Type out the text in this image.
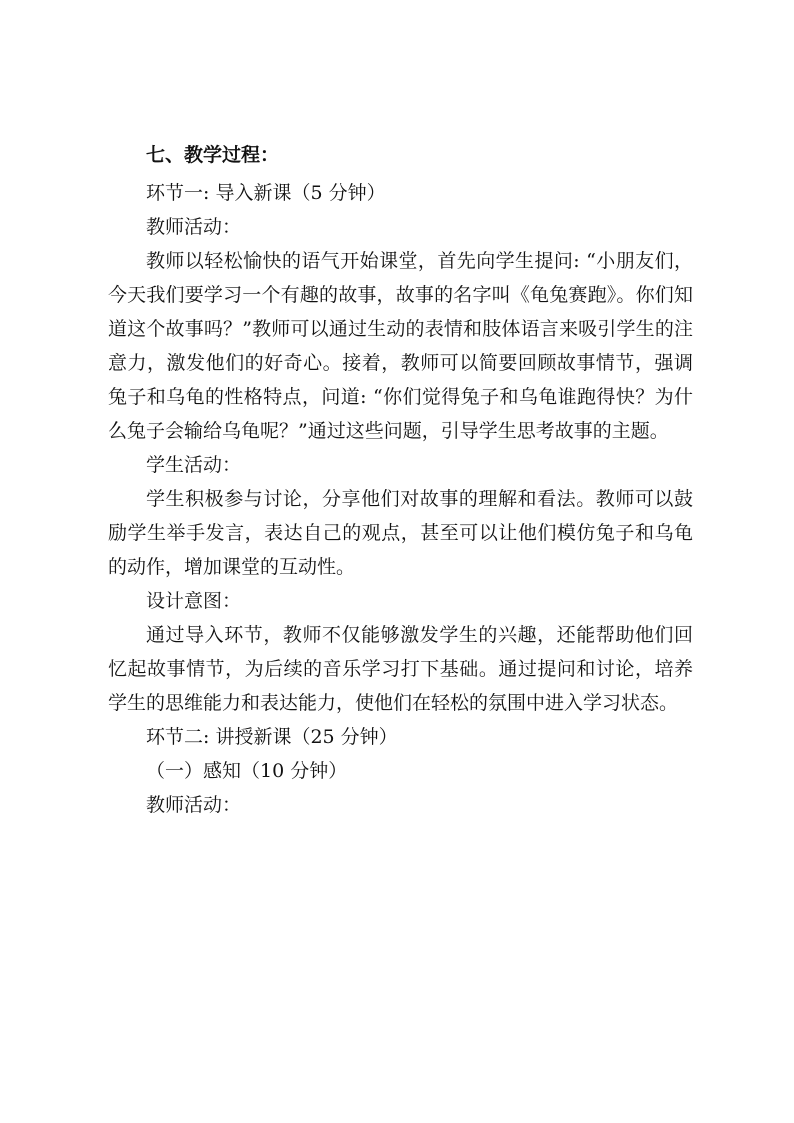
七、教学过程：

环节一: 导入新课（5 分钟）

教师活动：

教师以轻松愉快的语气开始课堂，首先向学生提问: “小朋友们，今天我们要学习一个有趣的故事，故事的名字叫《龟兔赛跑》。你们知道这个故事吗？”教师可以通过生动的表情和肢体语言来吸引学生的注意力，激发他们的好奇心。接着，教师可以简要回顾故事情节，强调兔子和乌龟的性格特点，问道: “你们觉得兔子和乌龟谁跑得快？为什么兔子会输给乌龟呢？”通过这些问题，引导学生思考故事的主题。

学生活动：

学生积极参与讨论，分享他们对故事的理解和看法。教师可以鼓励学生举手发言，表达自己的观点，甚至可以让他们模仿兔子和乌龟的动作，增加课堂的互动性。

设计意图：

通过导入环节，教师不仅能够激发学生的兴趣，还能帮助他们回忆起故事情节，为后续的音乐学习打下基础。通过提问和讨论，培养学生的思维能力和表达能力，使他们在轻松的氛围中进入学习状态。

环节二: 讲授新课（25 分钟）

（一）感知（10 分钟）

教师活动：
